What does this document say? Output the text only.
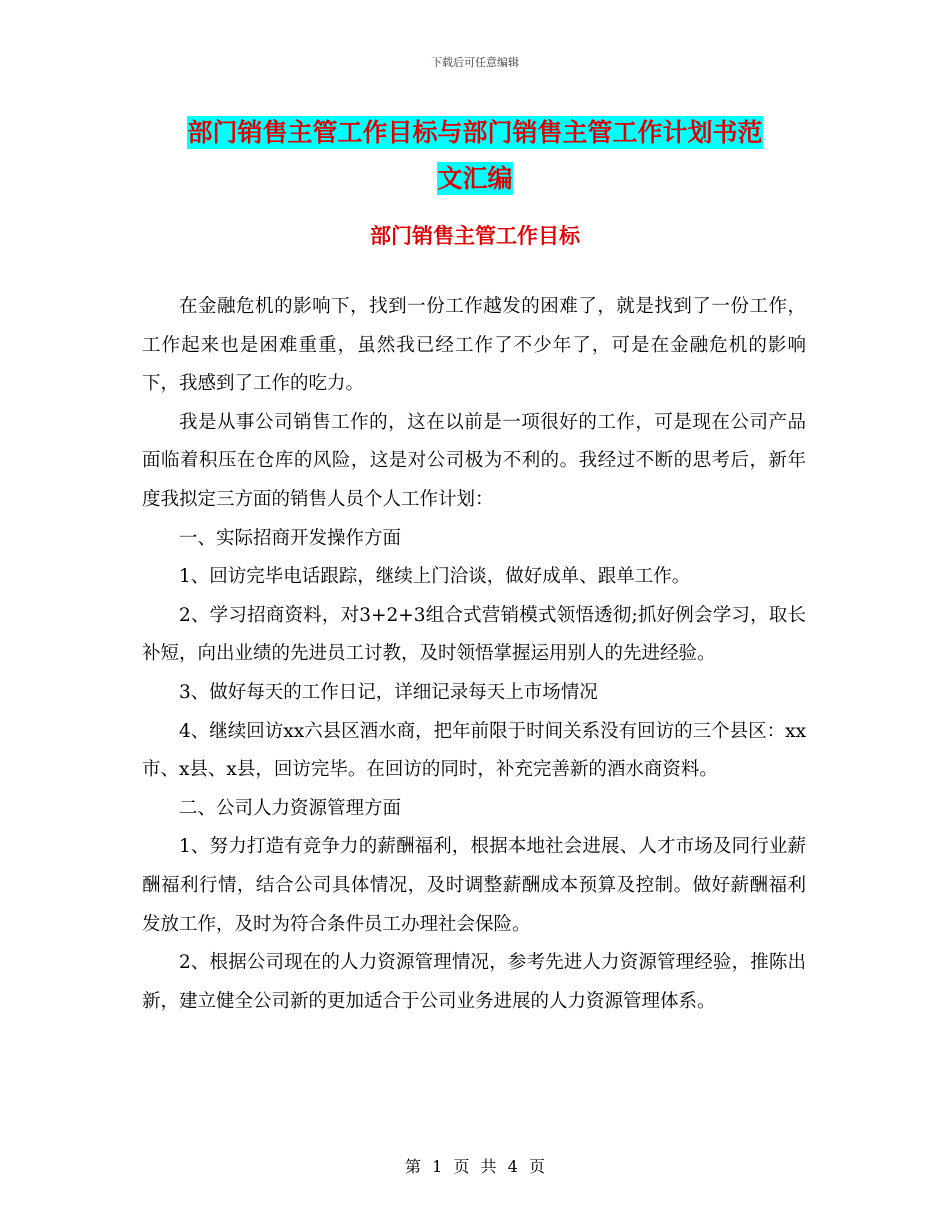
下载后可任意编辑
部门销售主管工作目标与部门销售主管工作计划书范
文汇编
部门销售主管工作目标

在金融危机的影响下，找到一份工作越发的困难了，就是找到了一份工作，工作起来也是困难重重，虽然我已经工作了不少年了，可是在金融危机的影响下，我感到了工作的吃力。

我是从事公司销售工作的，这在以前是一项很好的工作，可是现在公司产品面临着积压在仓库的风险，这是对公司极为不利的。我经过不断的思考后，新年度我拟定三方面的销售人员个人工作计划：

一、实际招商开发操作方面

1、回访完毕电话跟踪，继续上门洽谈，做好成单、跟单工作。

2、学习招商资料，对3+2+3组合式营销模式领悟透彻;抓好例会学习，取长补短，向出业绩的先进员工讨教，及时领悟掌握运用别人的先进经验。

3、做好每天的工作日记，详细记录每天上市场情况

4、继续回访xx六县区酒水商，把年前限于时间关系没有回访的三个县区：xx市、x县、x县，回访完毕。在回访的同时，补充完善新的酒水商资料。

二、公司人力资源管理方面

1、努力打造有竞争力的薪酬福利，根据本地社会进展、人才市场及同行业薪酬福利行情，结合公司具体情况，及时调整薪酬成本预算及控制。做好薪酬福利发放工作，及时为符合条件员工办理社会保险。

2、根据公司现在的人力资源管理情况，参考先进人力资源管理经验，推陈出新，建立健全公司新的更加适合于公司业务进展的人力资源管理体系。

第 1 页 共 4 页
